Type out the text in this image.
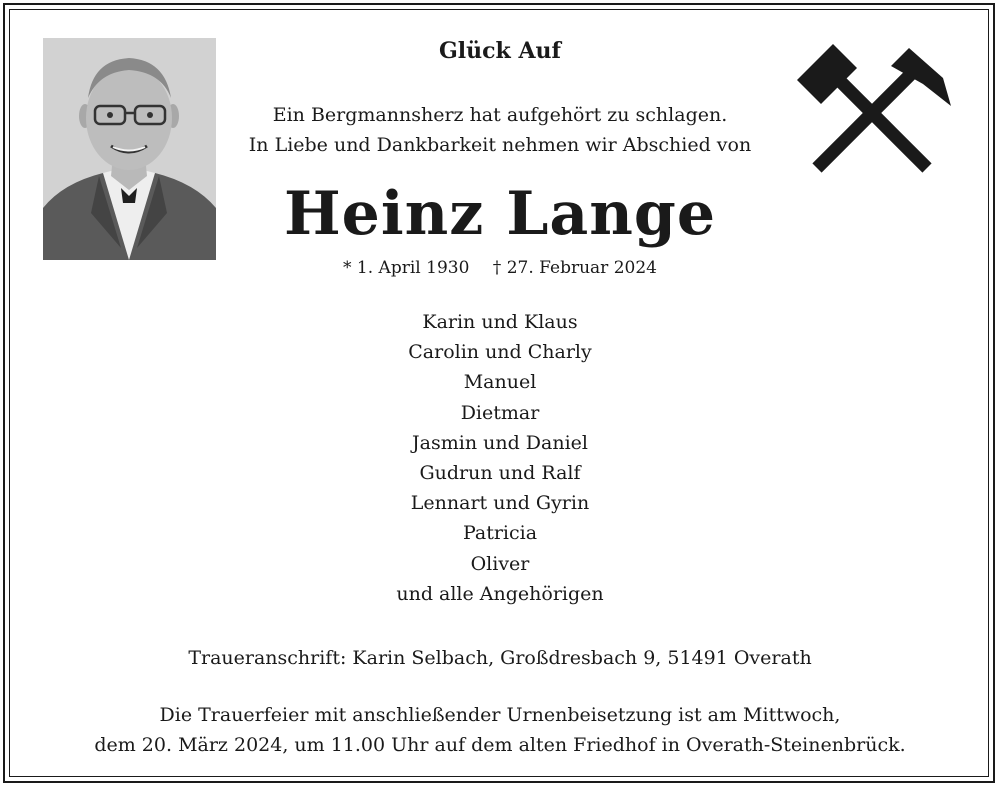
Glück Auf
Ein Bergmannsherz hat aufgehört zu schlagen.
In Liebe und Dankbarkeit nehmen wir Abschied von
Heinz Lange
* 1. April 1930 † 27. Februar 2024
Karin und Klaus
Carolin und Charly
Manuel
Dietmar
Jasmin und Daniel
Gudrun und Ralf
Lennart und Gyrin
Patricia
Oliver
und alle Angehörigen
Traueranschrift: Karin Selbach, Großdresbach 9, 51491 Overath
Die Trauerfeier mit anschließender Urnenbeisetzung ist am Mittwoch,
dem 20. März 2024, um 11.00 Uhr auf dem alten Friedhof in Overath-Steinenbrück.
